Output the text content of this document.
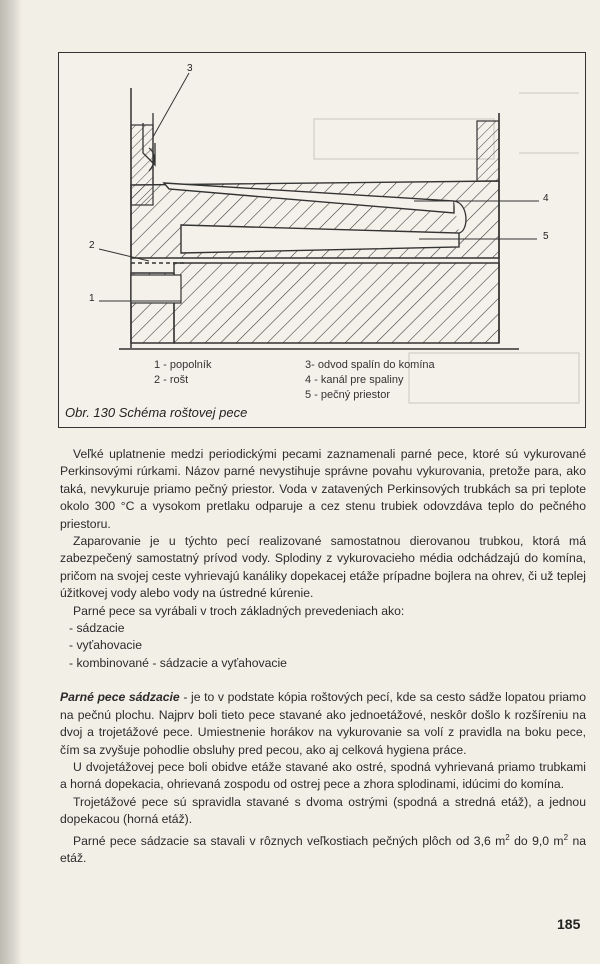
3
4
5
2
1
1 - popolník
2 - rošt
3- odvod spalín do komína
4 - kanál pre spaliny
5 - pečný priestor
Obr. 130 Schéma roštovej pece

Veľké uplatnenie medzi periodickými pecami zaznamenali parné pece, ktoré sú vykurované Perkinsovými rúrkami. Názov parné nevystihuje správne povahu vykurovania, pretože para, ako taká, nevykuruje priamo pečný priestor. Voda v zatavených Perkinsových trubkách sa pri teplote okolo 300 °C a vysokom pretlaku odparuje a cez stenu trubiek odovzdáva teplo do pečného priestoru.

Zaparovanie je u týchto pecí realizované samostatnou dierovanou trubkou, ktorá má zabezpečený samostatný prívod vody. Splodiny z vykurovacieho média odchádzajú do komína, pričom na svojej ceste vyhrievajú kanáliky dopekacej etáže prípadne bojlera na ohrev, či už teplej úžitkovej vody alebo vody na ústredné kúrenie.

Parné pece sa vyrábali v troch základných prevedeniach ako:

- sádzacie

- vyťahovacie

- kombinované - sádzacie a vyťahovacie

Parné pece sádzacie - je to v podstate kópia roštových pecí, kde sa cesto sádže lopatou priamo na pečnú plochu. Najprv boli tieto pece stavané ako jednoetážové, neskôr došlo k rozšíreniu na dvoj a trojetážové pece. Umiestnenie horákov na vykurovanie sa volí z pravidla na boku pece, čím sa zvyšuje pohodlie obsluhy pred pecou, ako aj celková hygiena práce.

U dvojetážovej pece boli obidve etáže stavané ako ostré, spodná vyhrievaná priamo trubkami a horná dopekacia, ohrievaná zospodu od ostrej pece a zhora splodinami, idúcimi do komína.

Trojetážové pece sú spravidla stavané s dvoma ostrými (spodná a stredná etáž), a jednou dopekacou (horná etáž).

Parné pece sádzacie sa stavali v rôznych veľkostiach pečných plôch od 3,6 $m^2$ do 9,0 $m^2$ na etáž.

185
